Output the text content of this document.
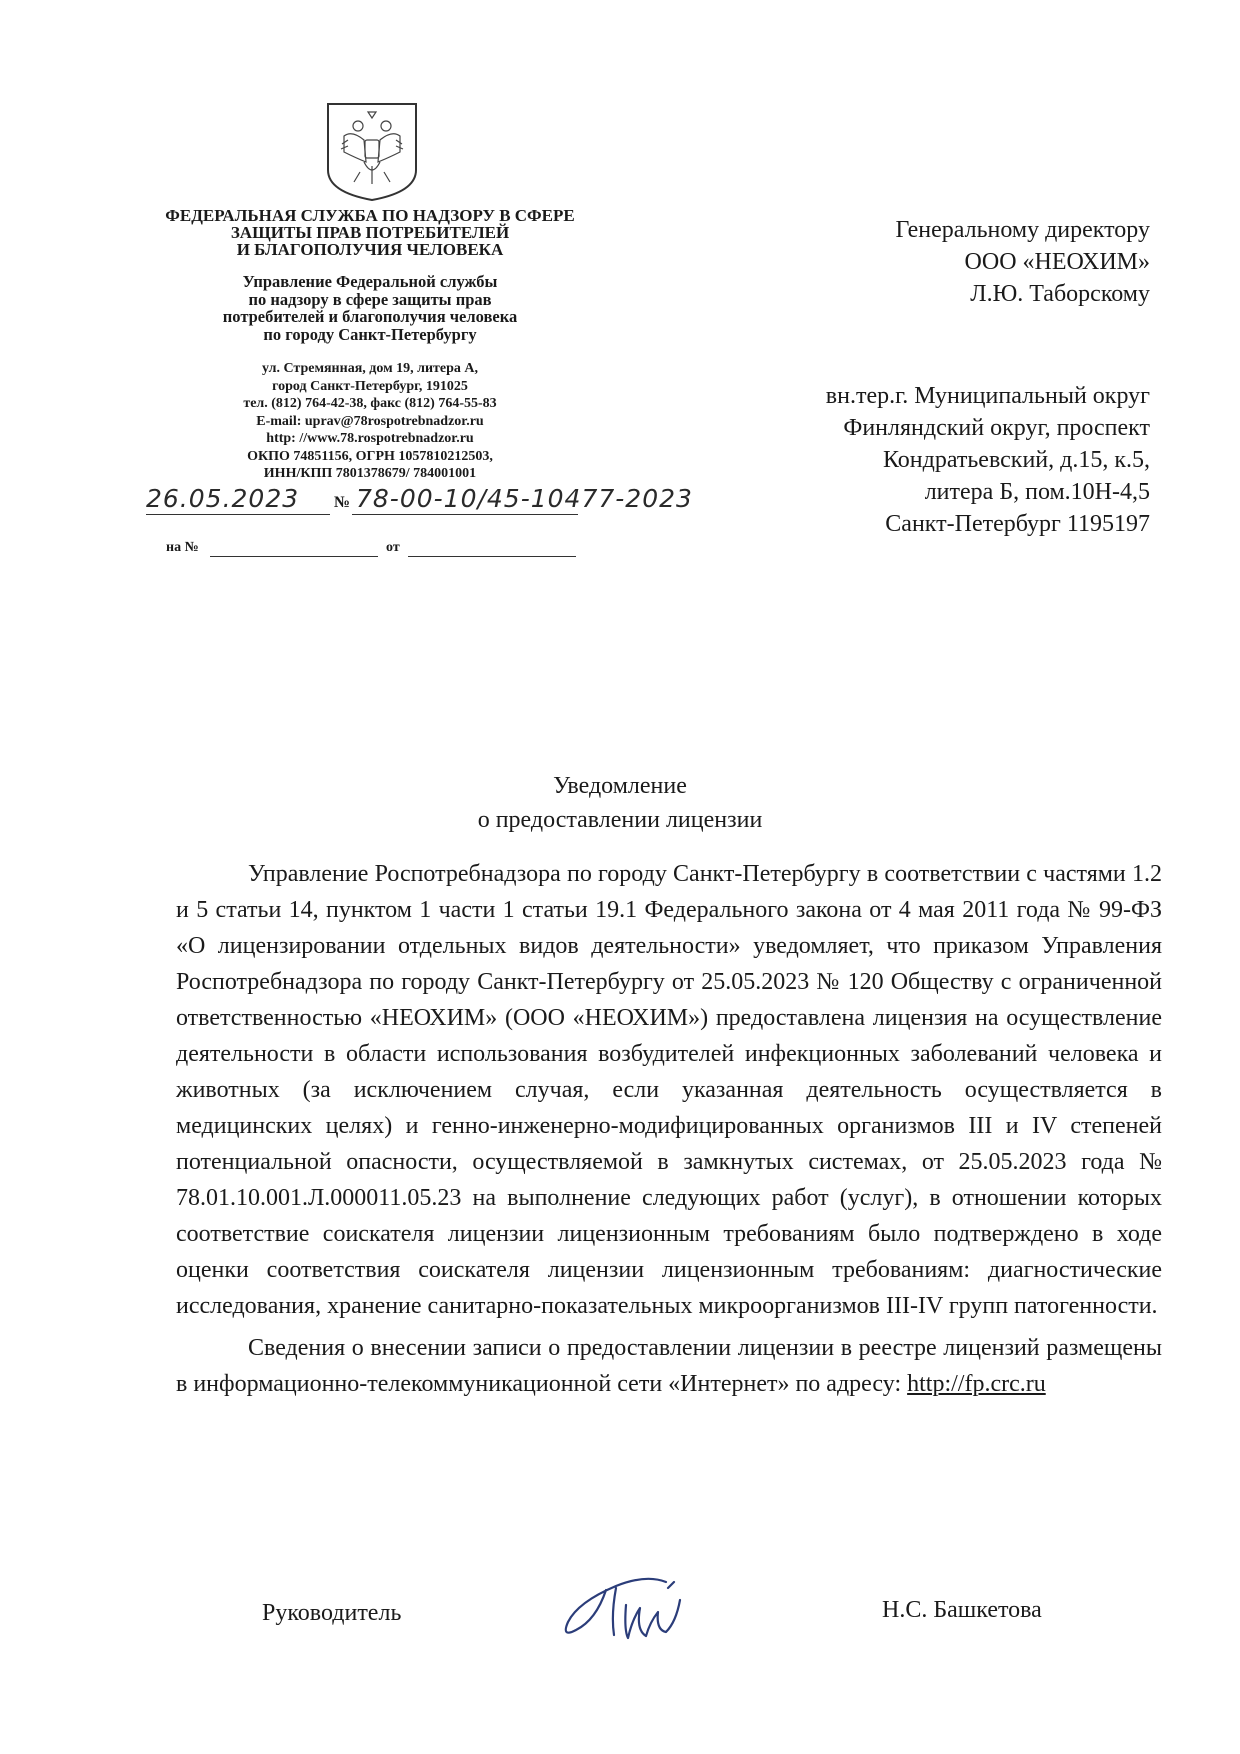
ФЕДЕРАЛЬНАЯ СЛУЖБА ПО НАДЗОРУ В СФЕРЕ
ЗАЩИТЫ ПРАВ ПОТРЕБИТЕЛЕЙ
И БЛАГОПОЛУЧИЯ ЧЕЛОВЕКА
Управление Федеральной службы
по надзору в сфере защиты прав
потребителей и благополучия человека
по городу Санкт-Петербургу
ул. Стремянная, дом 19, литера А,
город Санкт-Петербург, 191025
тел. (812) 764-42-38, факс (812) 764-55-83
E-mail: uprav@78rospotrebnadzor.ru
http: //www.78.rospotrebnadzor.ru
ОКПО 74851156, ОГРН 1057810212503,
ИНН/КПП 7801378679/ 784001001
26.05.2023 № 78-00-10/45-10477-2023
на №	от
Генеральному директору
ООО «НЕОХИМ»
Л.Ю. Таборскому
вн.тер.г. Муниципальный округ
Финляндский округ, проспект
Кондратьевский, д.15, к.5,
литера Б, пом.10Н-4,5
Санкт-Петербург 1195197
Уведомление
о предоставлении лицензии

Управление Роспотребнадзора по городу Санкт-Петербургу в соответствии с частями 1.2 и 5 статьи 14, пунктом 1 части 1 статьи 19.1 Федерального закона от 4 мая 2011 года № 99-ФЗ «О лицензировании отдельных видов деятельности» уведомляет, что приказом Управления Роспотребнадзора по городу Санкт-Петербургу от 25.05.2023 № 120 Обществу с ограниченной ответственностью «НЕОХИМ» (ООО «НЕОХИМ») предоставлена лицензия на осуществление деятельности в области использования возбудителей инфекционных заболеваний человека и животных (за исключением случая, если указанная деятельность осуществляется в медицинских целях) и генно-инженерно-модифицированных организмов III и IV степеней потенциальной опасности, осуществляемой в замкнутых системах, от 25.05.2023 года № 78.01.10.001.Л.000011.05.23 на выполнение следующих работ (услуг), в отношении которых соответствие соискателя лицензии лицензионным требованиям было подтверждено в ходе оценки соответствия соискателя лицензии лицензионным требованиям: диагностические исследования, хранение санитарно-показательных микроорганизмов III-IV групп патогенности.

Сведения о внесении записи о предоставлении лицензии в реестре лицензий размещены в информационно-телекоммуникационной сети «Интернет» по адресу: http://fp.crc.ru

Руководитель	Н.С. Башкетова
